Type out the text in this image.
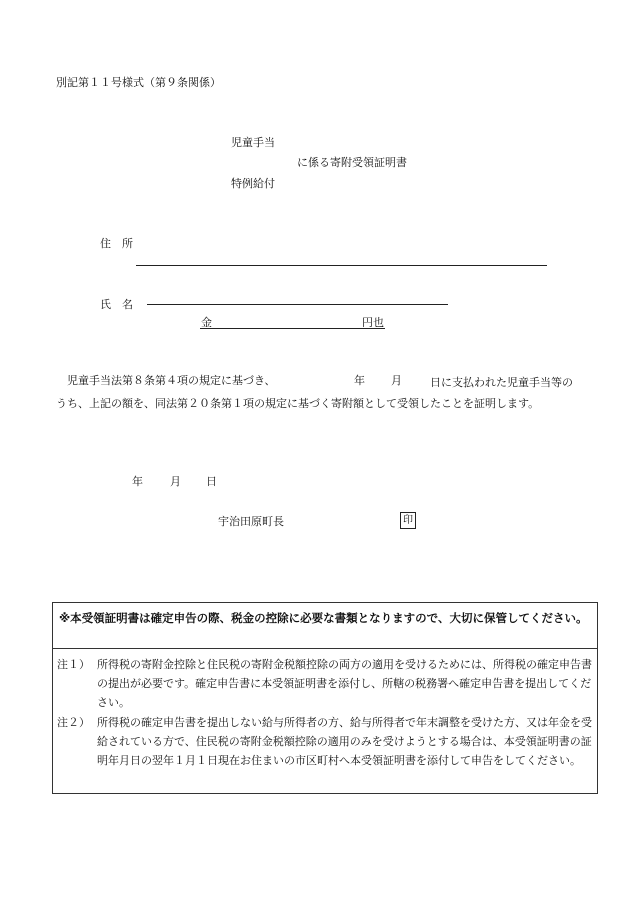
別記第１１号様式（第９条関係）
児童手当
に係る寄附受領証明書
特例給付
住　所
氏　名
金	円也
児童手当法第８条第４項の規定に基づき、	年 月	日に支払われた児童手当等のうち、上記の額を、同法第２０条第１項の規定に基づく寄附額として受領したことを証明します。
年 月 日
宇治田原町長	印
※本受領証明書は確定申告の際、税金の控除に必要な書類となりますので、大切に保管してください。
注１） 所得税の寄附金控除と住民税の寄附金税額控除の両方の適用を受けるためには、所得税の確定申告書の提出が必要です。確定申告書に本受領証明書を添付し、所轄の税務署へ確定申告書を提出してください。
注２） 所得税の確定申告書を提出しない給与所得者の方、給与所得者で年末調整を受けた方、又は年金を受給されている方で、住民税の寄附金税額控除の適用のみを受けようとする場合は、本受領証明書の証明年月日の翌年１月１日現在お住まいの市区町村へ本受領証明書を添付して申告をしてください。
